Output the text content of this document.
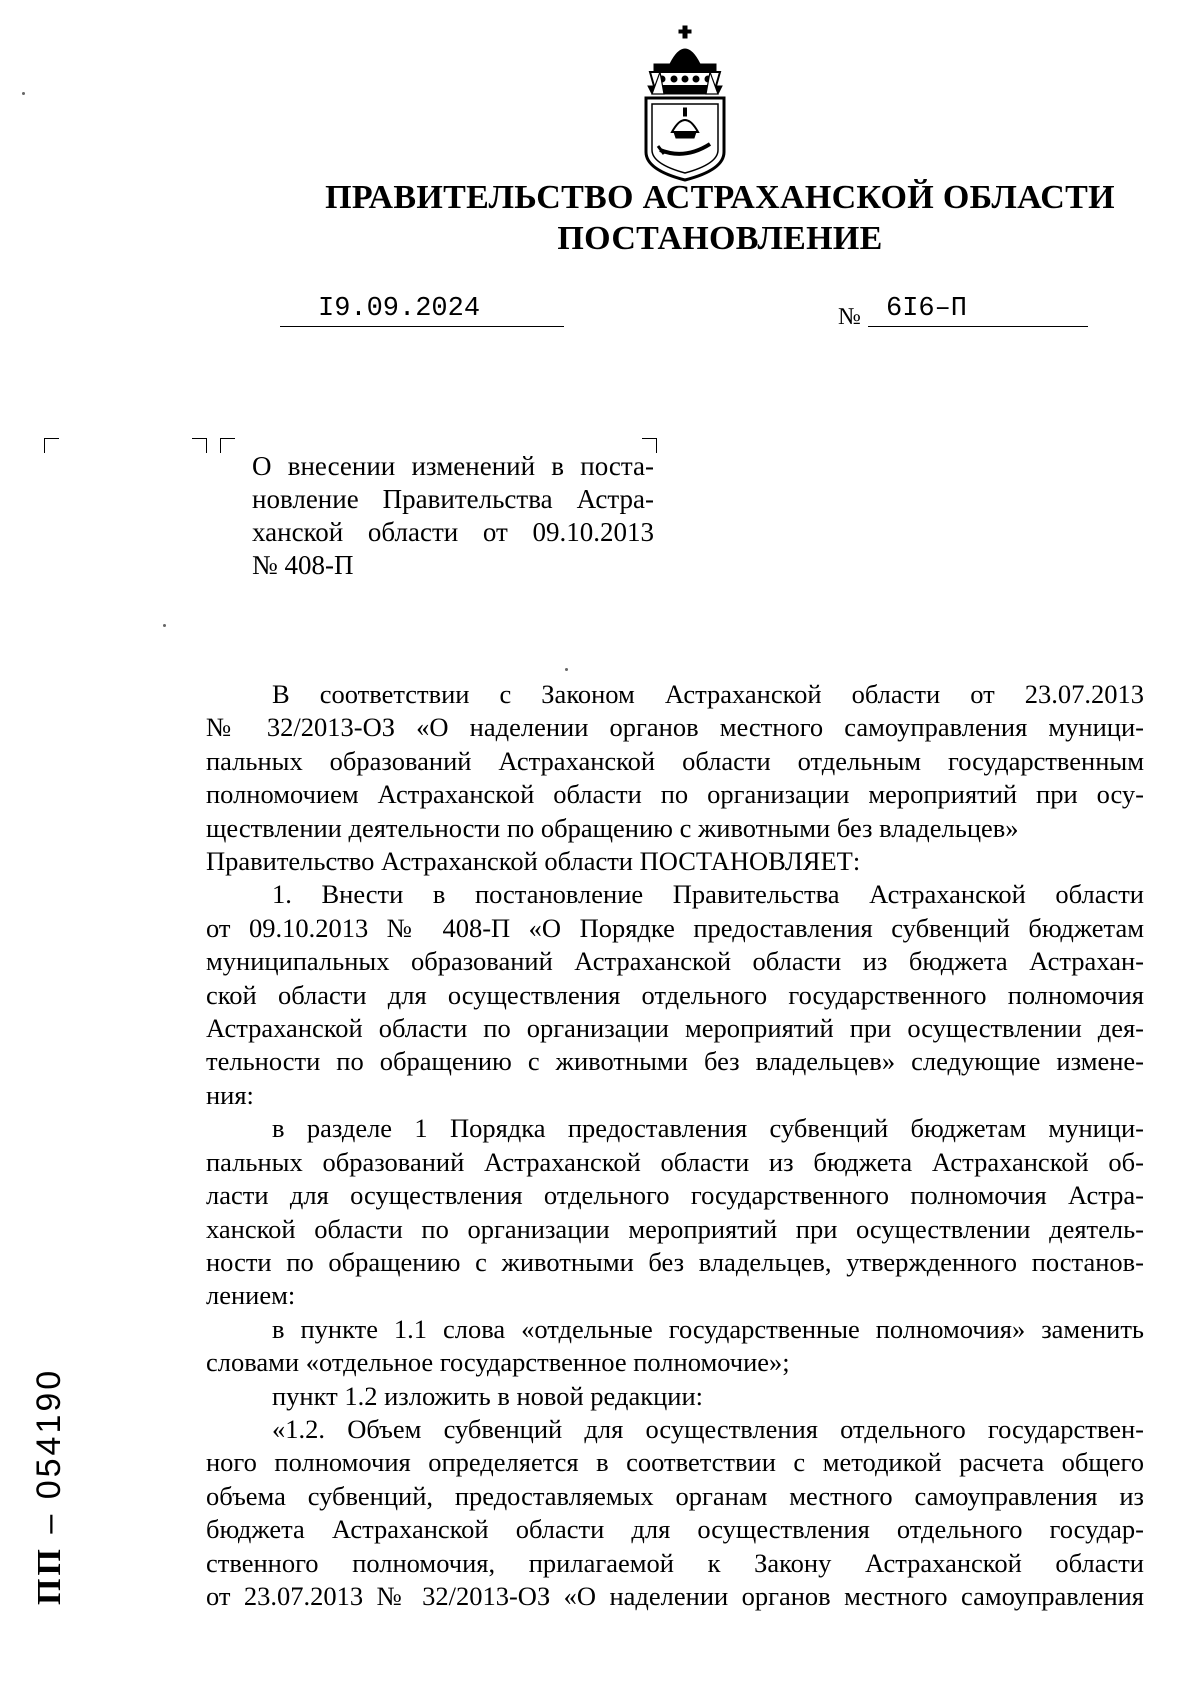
ПРАВИТЕЛЬСТВО АСТРАХАНСКОЙ ОБЛАСТИ
ПОСТАНОВЛЕНИЕ
I9.09.2024	№ 6I6–П
О внесении изменений в поста-
новление Правительства Астра-
ханской области от 09.10.2013
№ 408-П
В соответствии с Законом Астраханской области от 23.07.2013
№ 32/2013-ОЗ «О наделении органов местного самоуправления муници-
пальных образований Астраханской области отдельным государственным
полномочием Астраханской области по организации мероприятий при осу-
ществлении деятельности по обращению с животными без владельцев»
Правительство Астраханской области ПОСТАНОВЛЯЕТ:
1. Внести в постановление Правительства Астраханской области
от 09.10.2013 № 408-П «О Порядке предоставления субвенций бюджетам
муниципальных образований Астраханской области из бюджета Астрахан-
ской области для осуществления отдельного государственного полномочия
Астраханской области по организации мероприятий при осуществлении дея-
тельности по обращению с животными без владельцев» следующие измене-
ния:
в разделе 1 Порядка предоставления субвенций бюджетам муници-
пальных образований Астраханской области из бюджета Астраханской об-
ласти для осуществления отдельного государственного полномочия Астра-
ханской области по организации мероприятий при осуществлении деятель-
ности по обращению с животными без владельцев, утвержденного постанов-
лением:
в пункте 1.1 слова «отдельные государственные полномочия» заменить
словами «отдельное государственное полномочие»;
пункт 1.2 изложить в новой редакции:
«1.2. Объем субвенций для осуществления отдельного государствен-
ного полномочия определяется в соответствии с методикой расчета общего
объема субвенций, предоставляемых органам местного самоуправления из
бюджета Астраханской области для осуществления отдельного государ-
ственного полномочия, прилагаемой к Закону Астраханской области
от 23.07.2013 № 32/2013-ОЗ «О наделении органов местного самоуправления
ПП – 054190
